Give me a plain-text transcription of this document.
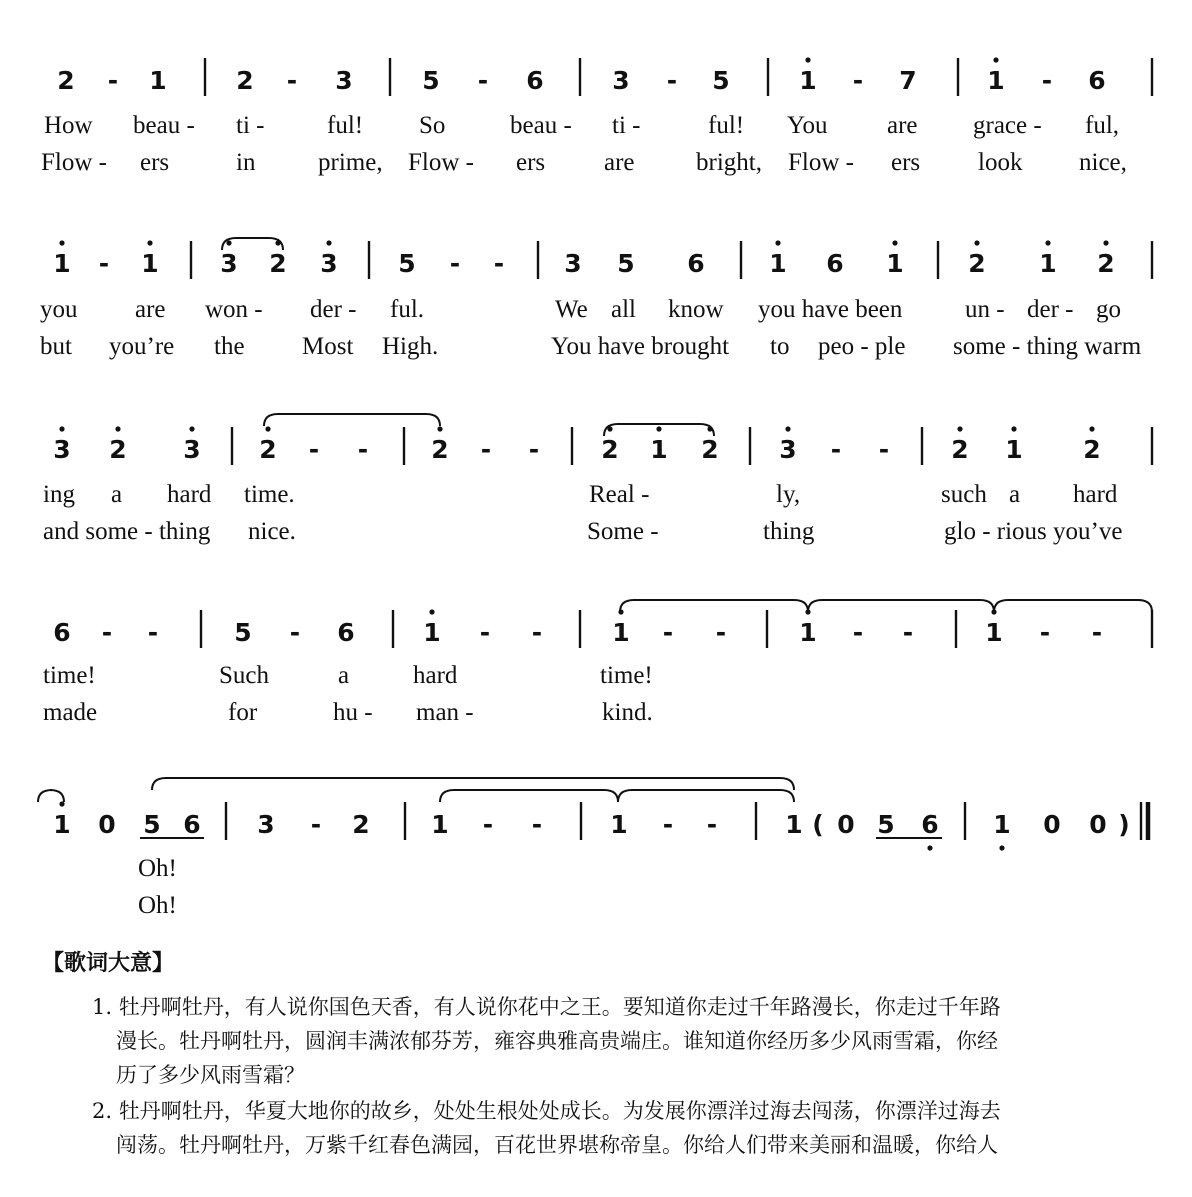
2 - 1	2 - 3	5 - 6	3 - 5	1 - 7	1 - 6
1 - 1 3 2 3 5 - - 3 5 6	1 6 1	2 1 2
3 2 3 2 - -	2 - - 2 1 2 3 - - 2 1 2
6 - -	5 - 6	1 - -	1 - -	1 - -	1 - -
1 0 5 6 3 - 2 1 - -	1 - -	1 ( 0 5 6 1 0 0 )
How beau - ti -	ful! So	beau - ti -	ful! You are grace - ful,
Flow - ers	in	prime, Flow - ers are bright, Flow - ers look nice,
you are won - der - ful.	We all know you have been	un - der - go
but you’re the Most High.	You have brought to peo - ple some - thing warm
ing a hard time.	Real -	ly,	such a hard
and some - thing nice.	Some -	thing	glo - rious you’ve
time!	Such	a	hard	time!
made	for	hu - man -	kind.
Oh!
Oh!
【歌词大意】
1. 牡丹啊牡丹，有人说你国色天香，有人说你花中之王。要知道你走过千年路漫长，你走过千年路
漫长。牡丹啊牡丹，圆润丰满浓郁芬芳，雍容典雅高贵端庄。谁知道你经历多少风雨雪霜，你经
历了多少风雨雪霜？
2. 牡丹啊牡丹，华夏大地你的故乡，处处生根处处成长。为发展你漂洋过海去闯荡，你漂洋过海去
闯荡。牡丹啊牡丹，万紫千红春色满园，百花世界堪称帝皇。你给人们带来美丽和温暖，你给人
